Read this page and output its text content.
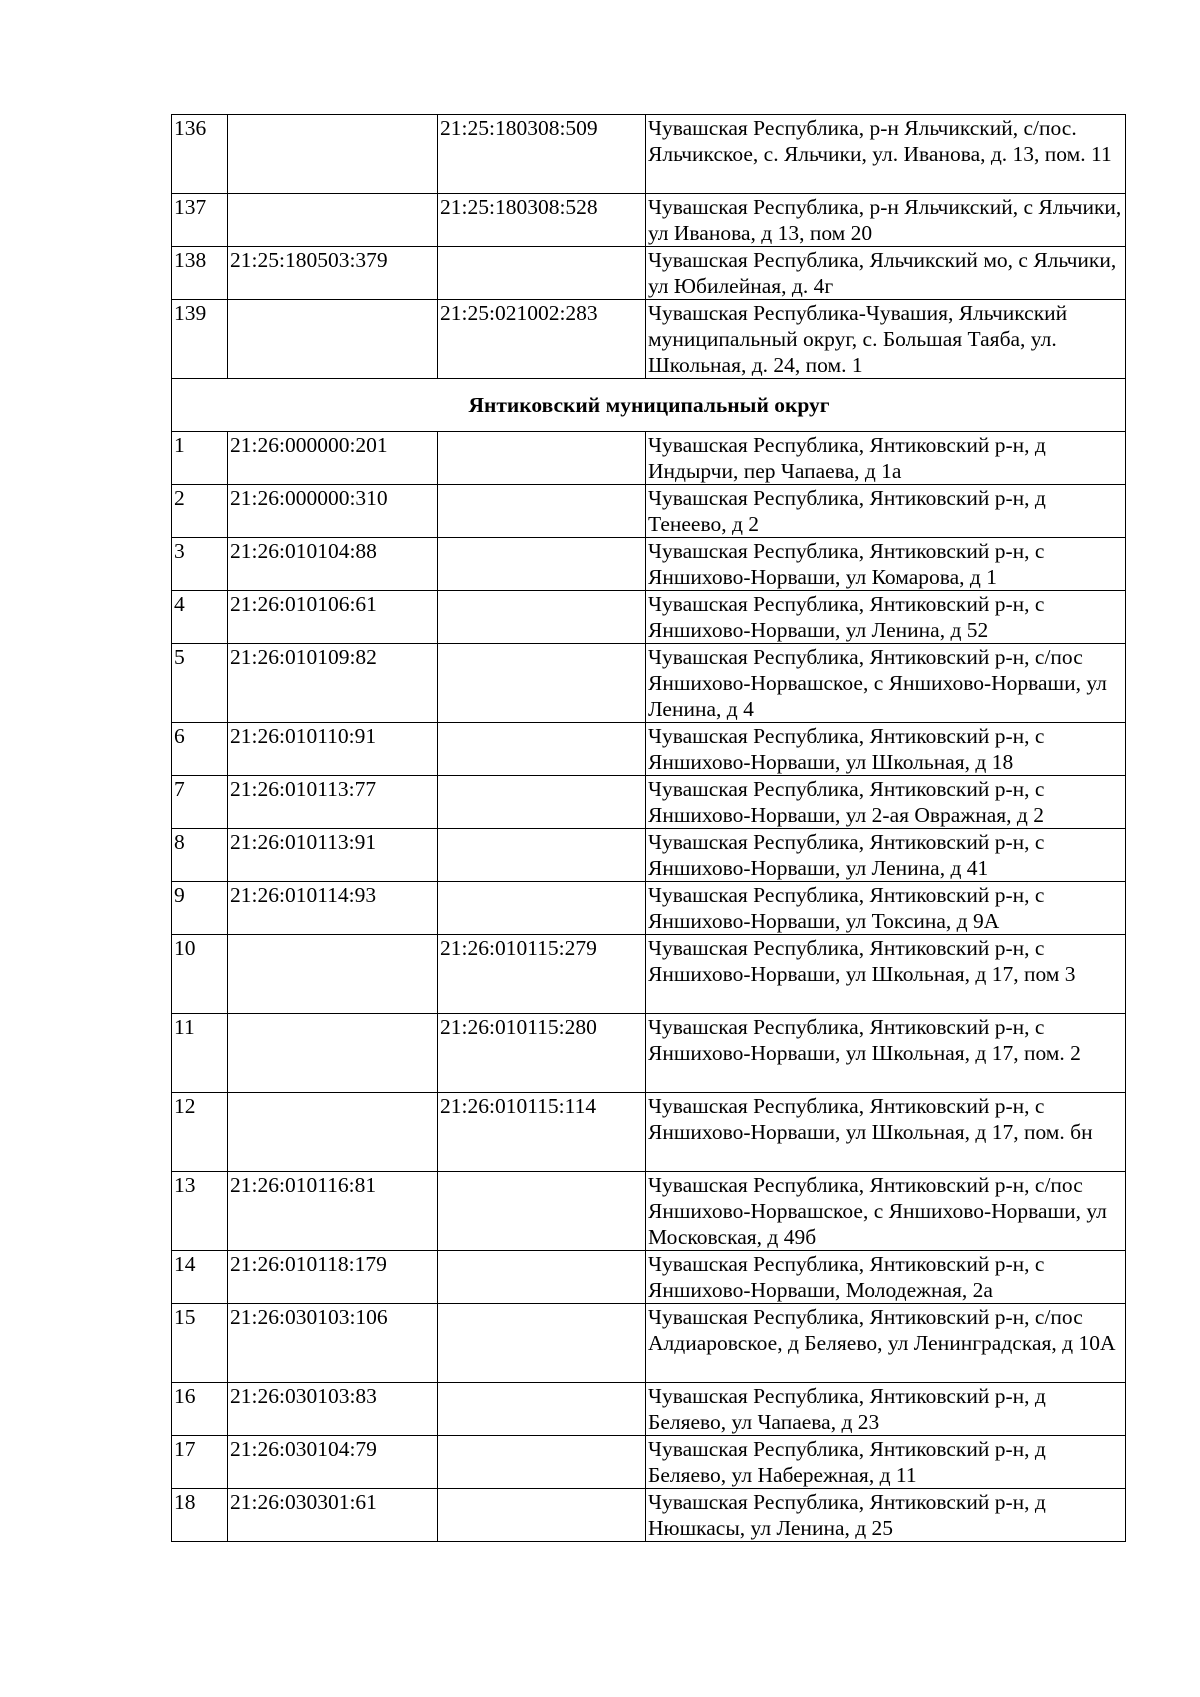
136		21:25:180308:509	Чувашская Республика, р-н Яльчикский, с/пос. Яльчикское, с. Яльчики, ул. Иванова, д. 13, пом. 11
137		21:25:180308:528	Чувашская Республика, р-н Яльчикский, с Яльчики, ул Иванова, д 13, пом 20
138	21:25:180503:379		Чувашская Республика, Яльчикский мо, с Яльчики, ул Юбилейная, д. 4г
139		21:25:021002:283	Чувашская Республика-Чувашия, Яльчикский муниципальный округ, с. Большая Таяба, ул. Школьная, д. 24, пом. 1
Янтиковский муниципальный округ			
1	21:26:000000:201		Чувашская Республика, Янтиковский р-н, д Индырчи, пер Чапаева, д 1а
2	21:26:000000:310		Чувашская Республика, Янтиковский р-н, д Тенеево, д 2
3	21:26:010104:88		Чувашская Республика, Янтиковский р-н, с Яншихово-Норваши, ул Комарова, д 1
4	21:26:010106:61		Чувашская Республика, Янтиковский р-н, с Яншихово-Норваши, ул Ленина, д 52
5	21:26:010109:82		Чувашская Республика, Янтиковский р-н, с/пос Яншихово-Норвашское, с Яншихово-Норваши, ул Ленина, д 4
6	21:26:010110:91		Чувашская Республика, Янтиковский р-н, с Яншихово-Норваши, ул Школьная, д 18
7	21:26:010113:77		Чувашская Республика, Янтиковский р-н, с Яншихово-Норваши, ул 2-ая Овражная, д 2
8	21:26:010113:91		Чувашская Республика, Янтиковский р-н, с Яншихово-Норваши, ул Ленина, д 41
9	21:26:010114:93		Чувашская Республика, Янтиковский р-н, с Яншихово-Норваши, ул Токсина, д 9А
10		21:26:010115:279	Чувашская Республика, Янтиковский р-н, с Яншихово-Норваши, ул Школьная, д 17, пом 3
11		21:26:010115:280	Чувашская Республика, Янтиковский р-н, с Яншихово-Норваши, ул Школьная, д 17, пом. 2
12		21:26:010115:114	Чувашская Республика, Янтиковский р-н, с Яншихово-Норваши, ул Школьная, д 17, пом. бн
13	21:26:010116:81		Чувашская Республика, Янтиковский р-н, с/пос Яншихово-Норвашское, с Яншихово-Норваши, ул Московская, д 49б
14	21:26:010118:179		Чувашская Республика, Янтиковский р-н, с Яншихово-Норваши, Молодежная, 2а
15	21:26:030103:106		Чувашская Республика, Янтиковский р-н, с/пос Алдиаровское, д Беляево, ул Ленинградская, д 10А
16	21:26:030103:83		Чувашская Республика, Янтиковский р-н, д Беляево, ул Чапаева, д 23
17	21:26:030104:79		Чувашская Республика, Янтиковский р-н, д Беляево, ул Набережная, д 11
18	21:26:030301:61		Чувашская Республика, Янтиковский р-н, д Нюшкасы, ул Ленина, д 25
